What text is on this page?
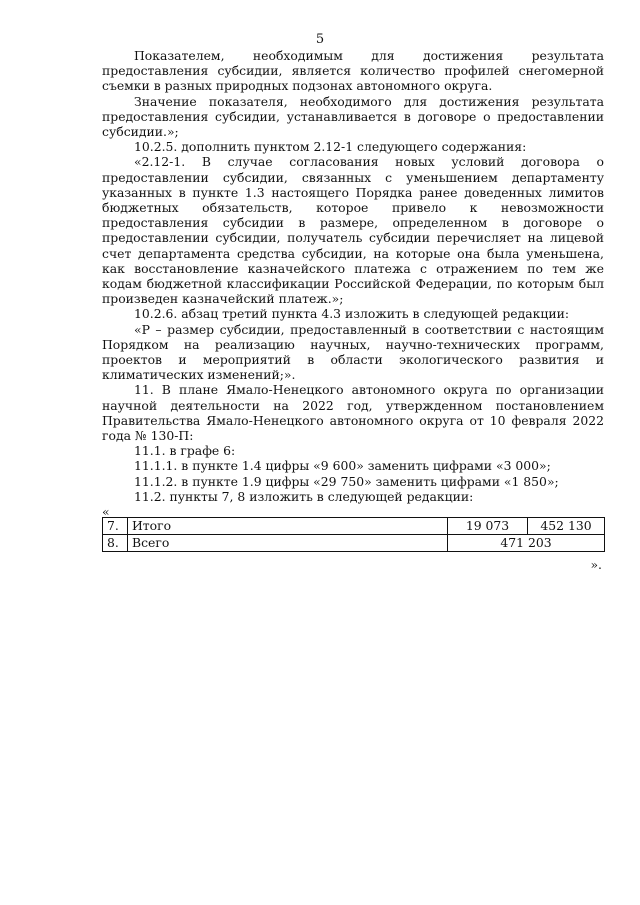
5

Показателем, необходимым для достижения результата предоставления субсидии, является количество профилей снегомерной съемки в разных природных подзонах автономного округа.

Значение показателя, необходимого для достижения результата предоставления субсидии, устанавливается в договоре о предоставлении субсидии.»;

10.2.5. дополнить пунктом 2.12-1 следующего содержания:

«2.12-1. В случае согласования новых условий договора о предоставлении субсидии, связанных с уменьшением департаменту указанных в пункте 1.3 настоящего Порядка ранее доведенных лимитов бюджетных обязательств, которое привело к невозможности предоставления субсидии в размере, определенном в договоре о предоставлении субсидии, получатель субсидии перечисляет на лицевой счет департамента средства субсидии, на которые она была уменьшена, как восстановление казначейского платежа с отражением по тем же кодам бюджетной классификации Российской Федерации, по которым был произведен казначейский платеж.»;

10.2.6. абзац третий пункта 4.3 изложить в следующей редакции:

«Р – размер субсидии, предоставленный в соответствии с настоящим Порядком на реализацию научных, научно-технических программ, проектов и мероприятий в области экологического развития и климатических изменений;».

11. В плане Ямало-Ненецкого автономного округа по организации научной деятельности на 2022 год, утвержденном постановлением Правительства Ямало-Ненецкого автономного округа от 10 февраля 2022 года № 130-П:

11.1. в графе 6:

11.1.1. в пункте 1.4 цифры «9 600» заменить цифрами «3 000»;

11.1.2. в пункте 1.9 цифры «29 750» заменить цифрами «1 850»;

11.2. пункты 7, 8 изложить в следующей редакции:

«
7.	Итого	19 073	452 130
8.	Всего	471 203	
».
